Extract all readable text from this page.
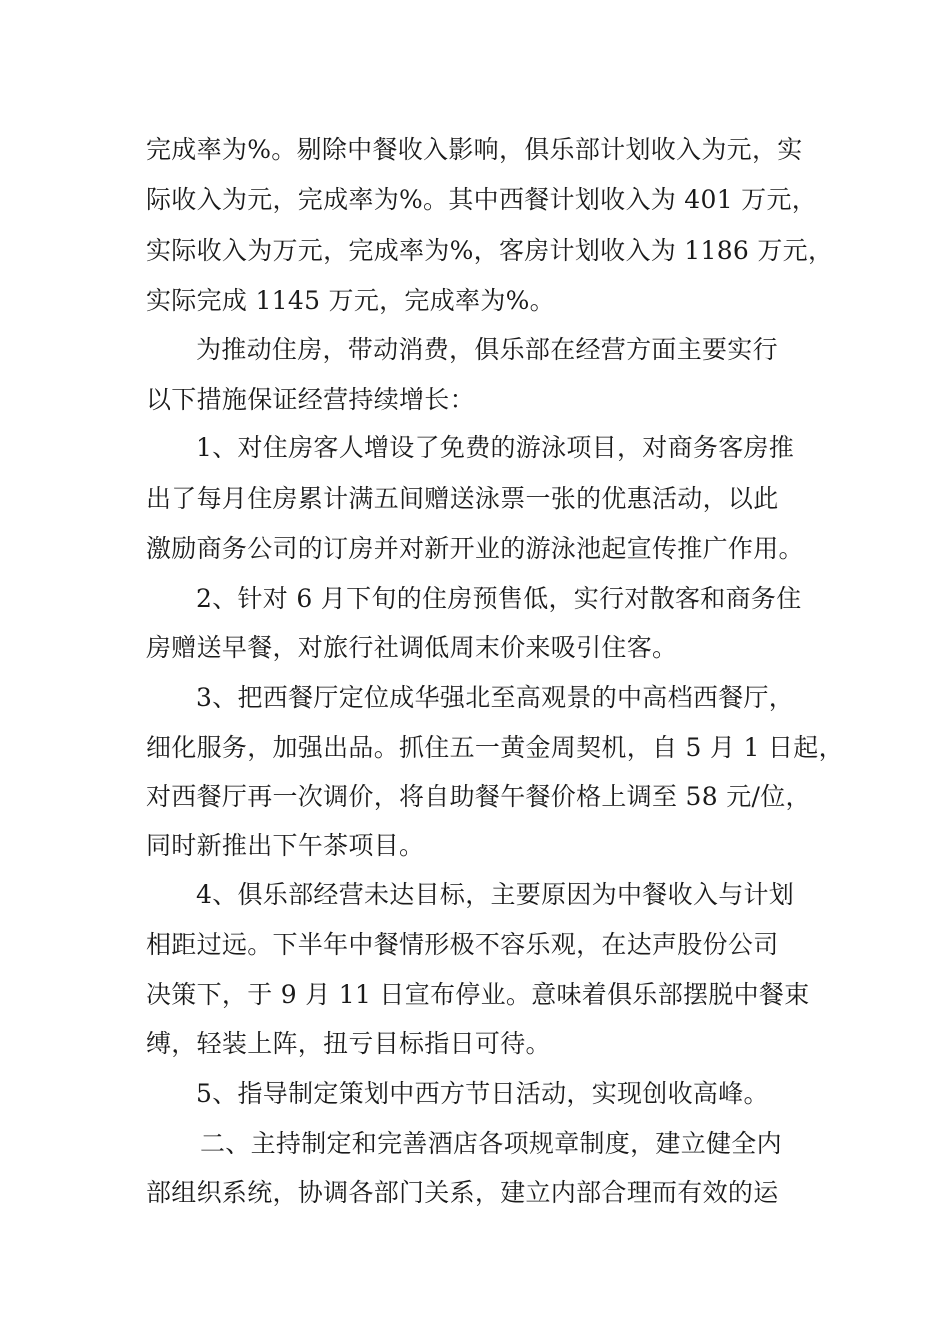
完成率为%。剔除中餐收入影响，俱乐部计划收入为元，实
际收入为元，完成率为%。其中西餐计划收入为 401 万元，
实际收入为万元，完成率为%，客房计划收入为 1186 万元，
实际完成 1145 万元，完成率为%。
为推动住房，带动消费，俱乐部在经营方面主要实行
以下措施保证经营持续增长：
1、对住房客人增设了免费的游泳项目，对商务客房推
出了每月住房累计满五间赠送泳票一张的优惠活动，以此
激励商务公司的订房并对新开业的游泳池起宣传推广作用。
2、针对 6 月下旬的住房预售低，实行对散客和商务住
房赠送早餐，对旅行社调低周末价来吸引住客。
3、把西餐厅定位成华强北至高观景的中高档西餐厅，
细化服务，加强出品。抓住五一黄金周契机，自 5 月 1 日起，
对西餐厅再一次调价，将自助餐午餐价格上调至 58 元/位，
同时新推出下午茶项目。
4、俱乐部经营未达目标，主要原因为中餐收入与计划
相距过远。下半年中餐情形极不容乐观，在达声股份公司
决策下，于 9 月 11 日宣布停业。意味着俱乐部摆脱中餐束
缚，轻装上阵，扭亏目标指日可待。
5、指导制定策划中西方节日活动，实现创收高峰。
二、主持制定和完善酒店各项规章制度，建立健全内
部组织系统，协调各部门关系，建立内部合理而有效的运
